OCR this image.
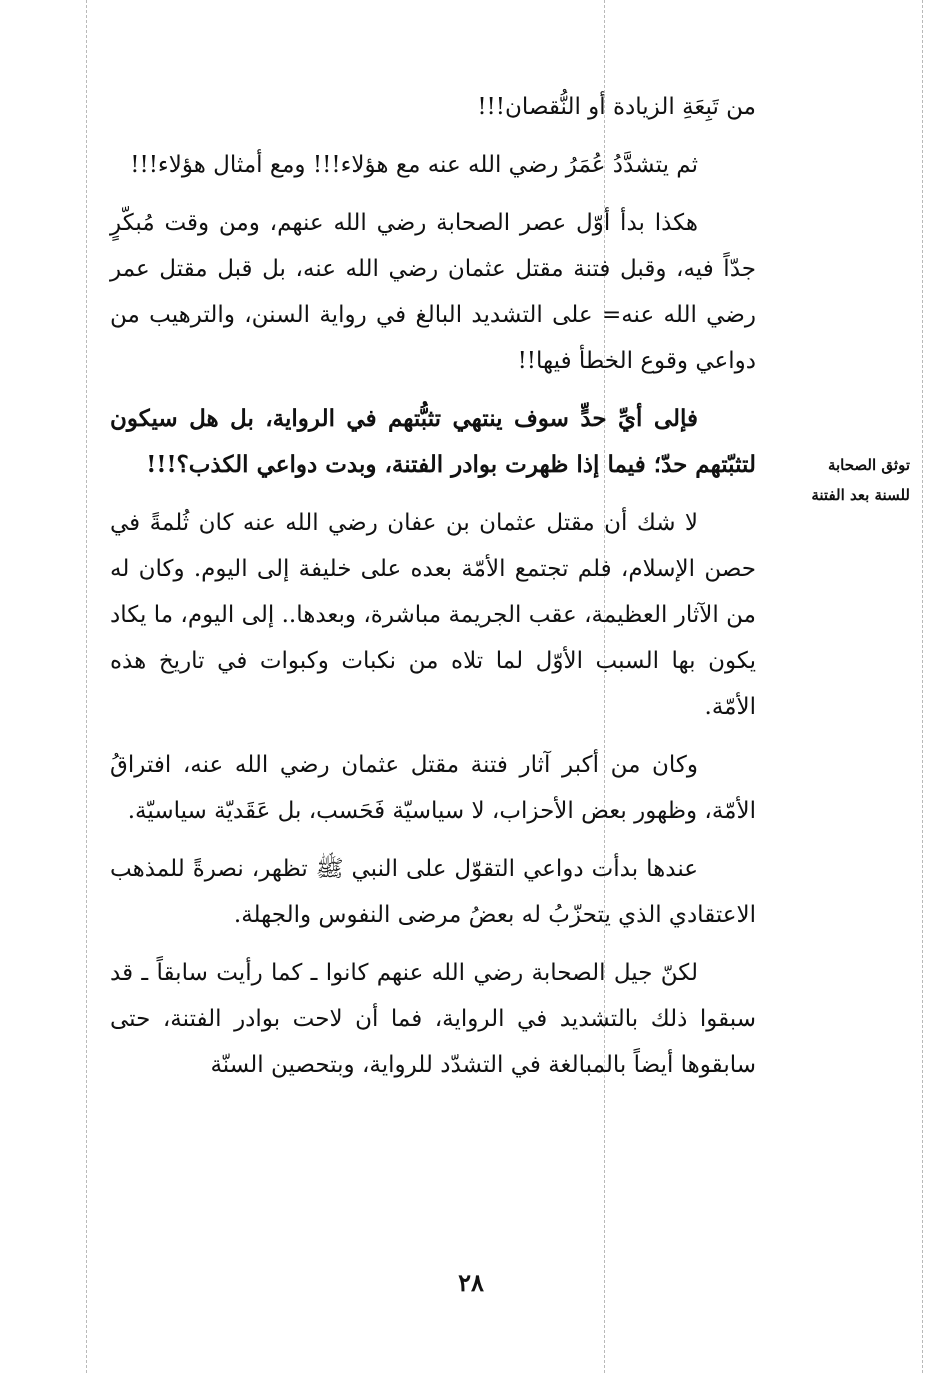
من تَبِعَةِ الزيادة أو النُّقصان!!!

ثم يتشدَّدُ عُمَرُ رضي الله عنه مع هؤلاء!!! ومع أمثال هؤلاء!!!

هكذا بدأ أوّل عصر الصحابة رضي الله عنهم، ومن وقت مُبكّرٍ جدّاً فيه، وقبل فتنة مقتل عثمان رضي الله عنه، بل قبل مقتل عمر رضي الله عنه= على التشديد البالغ في رواية السنن، والترهيب من دواعي وقوع الخطأ فيها!!

فإلى أيِّ حدٍّ سوف ينتهي تثبُّتهم في الرواية، بل هل سيكون لتثبّتهم حدّ؛ فيما إذا ظهرت بوادر الفتنة، وبدت دواعي الكذب؟!!!

لا شك أن مقتل عثمان بن عفان رضي الله عنه كان ثُلمةً في حصن الإسلام، فلم تجتمع الأمّة بعده على خليفة إلى اليوم. وكان له من الآثار العظيمة، عقب الجريمة مباشرة، وبعدها.. إلى اليوم، ما يكاد يكون بها السبب الأوّل لما تلاه من نكبات وكبوات في تاريخ هذه الأمّة.

وكان من أكبر آثار فتنة مقتل عثمان رضي الله عنه، افتراقُ الأمّة، وظهور بعض الأحزاب، لا سياسيّة فَحَسب، بل عَقَديّة سياسيّة.

عندها بدأت دواعي التقوّل على النبي ﷺ تظهر، نصرةً للمذهب الاعتقادي الذي يتحزّبُ له بعضُ مرضى النفوس والجهلة.

لكنّ جيل الصحابة رضي الله عنهم كانوا ـ كما رأيت سابقاً ـ قد سبقوا ذلك بالتشديد في الرواية، فما أن لاحت بوادر الفتنة، حتى سابقوها أيضاً بالمبالغة في التشدّد للرواية، وبتحصين السنّة

توثق الصحابة
للسنة بعد الفتنة
٢٨
